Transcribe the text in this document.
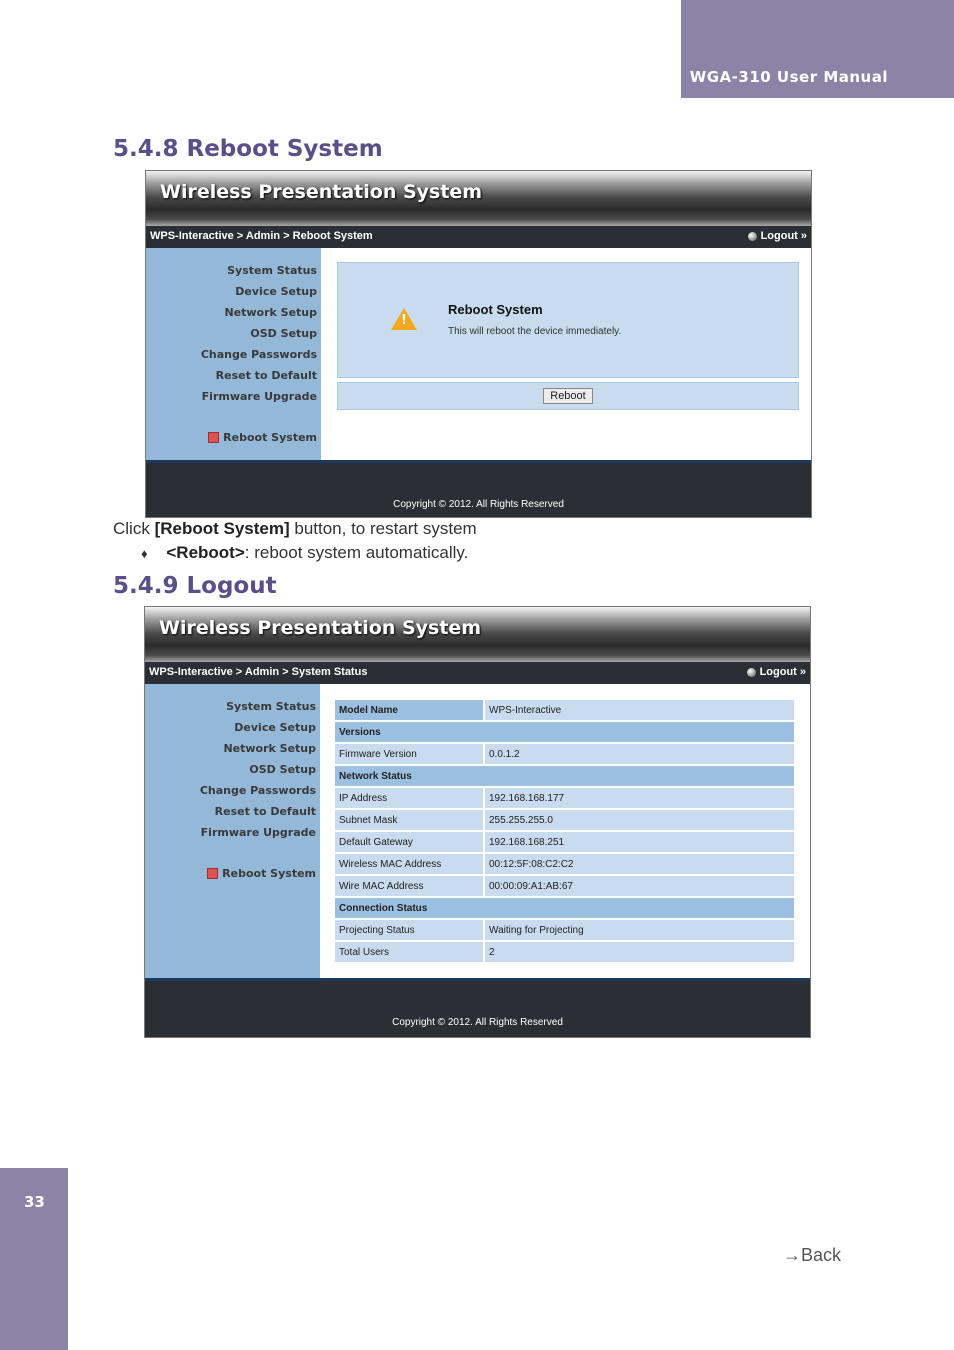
WGA-310 User Manual
5.4.8 Reboot System
Wireless Presentation System
WPS-Interactive > Admin > Reboot System	Logout »
System Status
Device Setup
Network Setup
OSD Setup
Change Passwords
Reset to Default
Firmware Upgrade
Reboot System
!
Reboot System
This will reboot the device immediately.
Reboot
Copyright © 2012. All Rights Reserved
Click [Reboot System] button, to restart system
♦ <Reboot>: reboot system automatically.
5.4.9 Logout
Wireless Presentation System
WPS-Interactive > Admin > System Status	Logout »
System Status
Device Setup
Network Setup
OSD Setup
Change Passwords
Reset to Default
Firmware Upgrade
Reboot System
Model Name	WPS-Interactive
Versions	
Firmware Version	0.0.1.2
Network Status	
IP Address	192.168.168.177
Subnet Mask	255.255.255.0
Default Gateway	192.168.168.251
Wireless MAC Address	00:12:5F:08:C2:C2
Wire MAC Address	00:00:09:A1:AB:67
Connection Status	
Projecting Status	Waiting for Projecting
Total Users	2
Copyright © 2012. All Rights Reserved
33
→Back
